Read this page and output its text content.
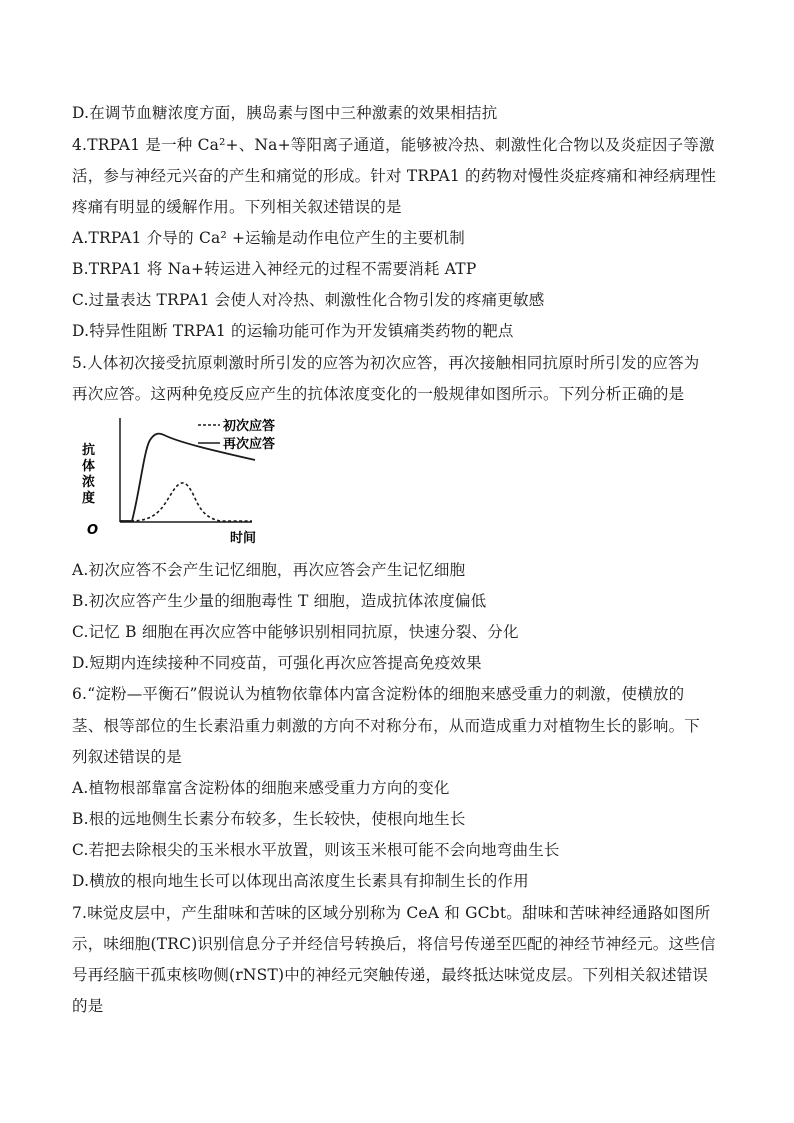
D.在调节血糖浓度方面，胰岛素与图中三种激素的效果相拮抗
4.TRPA1 是一种 Ca²+、Na+等阳离子通道，能够被冷热、刺激性化合物以及炎症因子等激
活，参与神经元兴奋的产生和痛觉的形成。针对 TRPA1 的药物对慢性炎症疼痛和神经病理性
疼痛有明显的缓解作用。下列相关叙述错误的是
A.TRPA1 介导的 Ca² +运输是动作电位产生的主要机制
B.TRPA1 将 Na+转运进入神经元的过程不需要消耗 ATP
C.过量表达 TRPA1 会使人对冷热、刺激性化合物引发的疼痛更敏感
D.特异性阻断 TRPA1 的运输功能可作为开发镇痛类药物的靶点
5.人体初次接受抗原刺激时所引发的应答为初次应答，再次接触相同抗原时所引发的应答为
再次应答。这两种免疫反应产生的抗体浓度变化的一般规律如图所示。下列分析正确的是
抗体浓度
O
时间
初次应答
再次应答
A.初次应答不会产生记忆细胞，再次应答会产生记忆细胞
B.初次应答产生少量的细胞毒性 T 细胞，造成抗体浓度偏低
C.记忆 B 细胞在再次应答中能够识别相同抗原，快速分裂、分化
D.短期内连续接种不同疫苗，可强化再次应答提高免疫效果
6.“淀粉—平衡石”假说认为植物依靠体内富含淀粉体的细胞来感受重力的刺激，使横放的
茎、根等部位的生长素沿重力刺激的方向不对称分布，从而造成重力对植物生长的影响。下
列叙述错误的是
A.植物根部靠富含淀粉体的细胞来感受重力方向的变化
B.根的远地侧生长素分布较多，生长较快，使根向地生长
C.若把去除根尖的玉米根水平放置，则该玉米根可能不会向地弯曲生长
D.横放的根向地生长可以体现出高浓度生长素具有抑制生长的作用
7.味觉皮层中，产生甜味和苦味的区域分别称为 CeA 和 GCbt。甜味和苦味神经通路如图所
示，味细胞(TRC)识别信息分子并经信号转换后，将信号传递至匹配的神经节神经元。这些信
号再经脑干孤束核吻侧(rNST)中的神经元突触传递，最终抵达味觉皮层。下列相关叙述错误
的是
